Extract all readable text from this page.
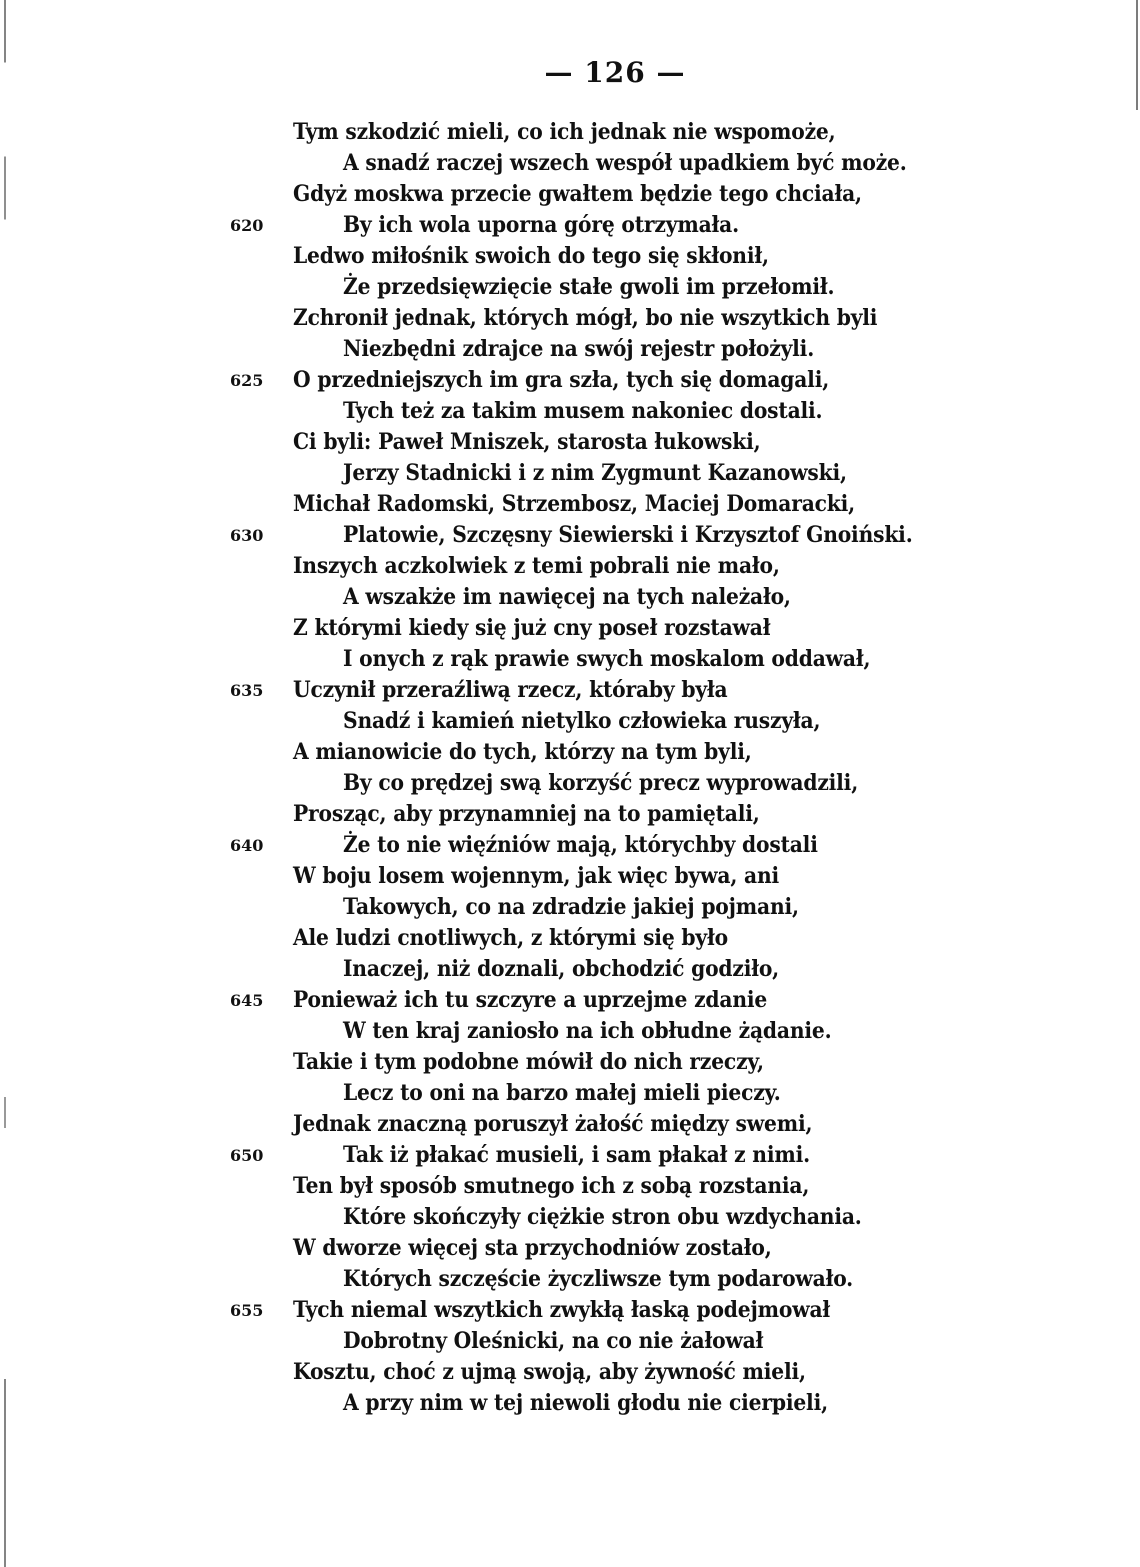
— 126 —
Tym szkodzić mieli, co ich jednak nie wspomoże,
A snadź raczej wszech wespół upadkiem być może.
Gdyż moskwa przecie gwałtem będzie tego chciała,
620	By ich wola uporna górę otrzymała.
Ledwo miłośnik swoich do tego się skłonił,
Że przedsięwzięcie stałe gwoli im przełomił.
Zchronił jednak, których mógł, bo nie wszytkich byli
Niezbędni zdrajce na swój rejestr położyli.
625 O przedniejszych im gra szła, tych się domagali,
Tych też za takim musem nakoniec dostali.
Ci byli: Paweł Mniszek, starosta łukowski,
Jerzy Stadnicki i z nim Zygmunt Kazanowski,
Michał Radomski, Strzembosz, Maciej Domaracki,
630	Platowie, Szczęsny Siewierski i Krzysztof Gnoiński.
Inszych aczkolwiek z temi pobrali nie mało,
A wszakże im nawięcej na tych należało,
Z którymi kiedy się już cny poseł rozstawał
I onych z rąk prawie swych moskalom oddawał,
635 Uczynił przeraźliwą rzecz, któraby była
Snadź i kamień nietylko człowieka ruszyła,
A mianowicie do tych, którzy na tym byli,
By co prędzej swą korzyść precz wyprowadzili,
Prosząc, aby przynamniej na to pamiętali,
640	Że to nie więźniów mają, którychby dostali
W boju losem wojennym, jak więc bywa, ani
Takowych, co na zdradzie jakiej pojmani,
Ale ludzi cnotliwych, z którymi się było
Inaczej, niż doznali, obchodzić godziło,
645 Ponieważ ich tu szczyre a uprzejme zdanie
W ten kraj zaniosło na ich obłudne żądanie.
Takie i tym podobne mówił do nich rzeczy,
Lecz to oni na barzo małej mieli pieczy.
Jednak znaczną poruszył żałość między swemi,
650	Tak iż płakać musieli, i sam płakał z nimi.
Ten był sposób smutnego ich z sobą rozstania,
Które skończyły ciężkie stron obu wzdychania.
W dworze więcej sta przychodniów zostało,
Których szczęście życzliwsze tym podarowało.
655 Tych niemal wszytkich zwykłą łaską podejmował
Dobrotny Oleśnicki, na co nie żałował
Kosztu, choć z ujmą swoją, aby żywność mieli,
A przy nim w tej niewoli głodu nie cierpieli,
